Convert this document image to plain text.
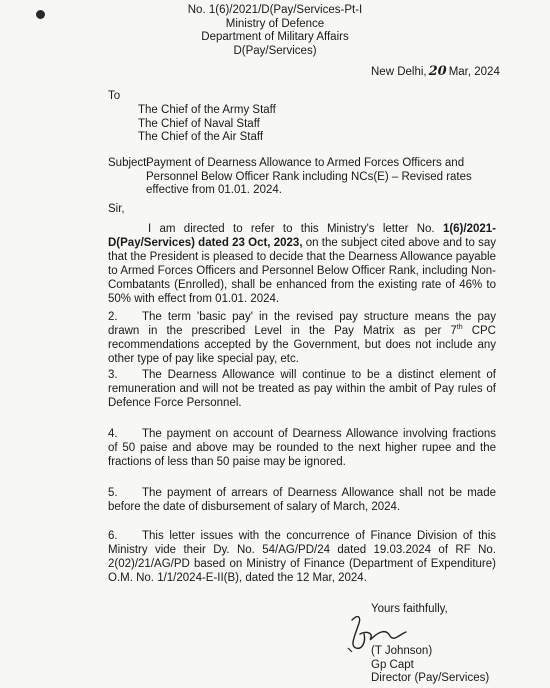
No. 1(6)/2021/D(Pay/Services-Pt-I
Ministry of Defence
Department of Military Affairs
D(Pay/Services)
New Delhi, 20 Mar, 2024
To
The Chief of the Army Staff
The Chief of Naval Staff
The Chief of the Air Staff
Subject:
Payment of Dearness Allowance to Armed Forces Officers and Personnel Below Officer Rank including NCs(E) – Revised rates effective from 01.01. 2024.
Sir,
I am directed to refer to this Ministry's letter No. 1(6)/2021-D(Pay/Services) dated 23 Oct, 2023, on the subject cited above and to say that the President is pleased to decide that the Dearness Allowance payable to Armed Forces Officers and Personnel Below Officer Rank, including Non-Combatants (Enrolled), shall be enhanced from the existing rate of 46% to 50% with effect from 01.01. 2024.
2. The term 'basic pay' in the revised pay structure means the pay drawn in the prescribed Level in the Pay Matrix as per 7th CPC recommendations accepted by the Government, but does not include any other type of pay like special pay, etc.
3. The Dearness Allowance will continue to be a distinct element of remuneration and will not be treated as pay within the ambit of Pay rules of Defence Force Personnel.
4. The payment on account of Dearness Allowance involving fractions of 50 paise and above may be rounded to the next higher rupee and the fractions of less than 50 paise may be ignored.
5. The payment of arrears of Dearness Allowance shall not be made before the date of disbursement of salary of March, 2024.
6. This letter issues with the concurrence of Finance Division of this Ministry vide their Dy. No. 54/AG/PD/24 dated 19.03.2024 of RF No. 2(02)/21/AG/PD based on Ministry of Finance (Department of Expenditure) O.M. No. 1/1/2024-E-II(B), dated the 12 Mar, 2024.
Yours faithfully,
(T Johnson)
Gp Capt
Director (Pay/Services)
